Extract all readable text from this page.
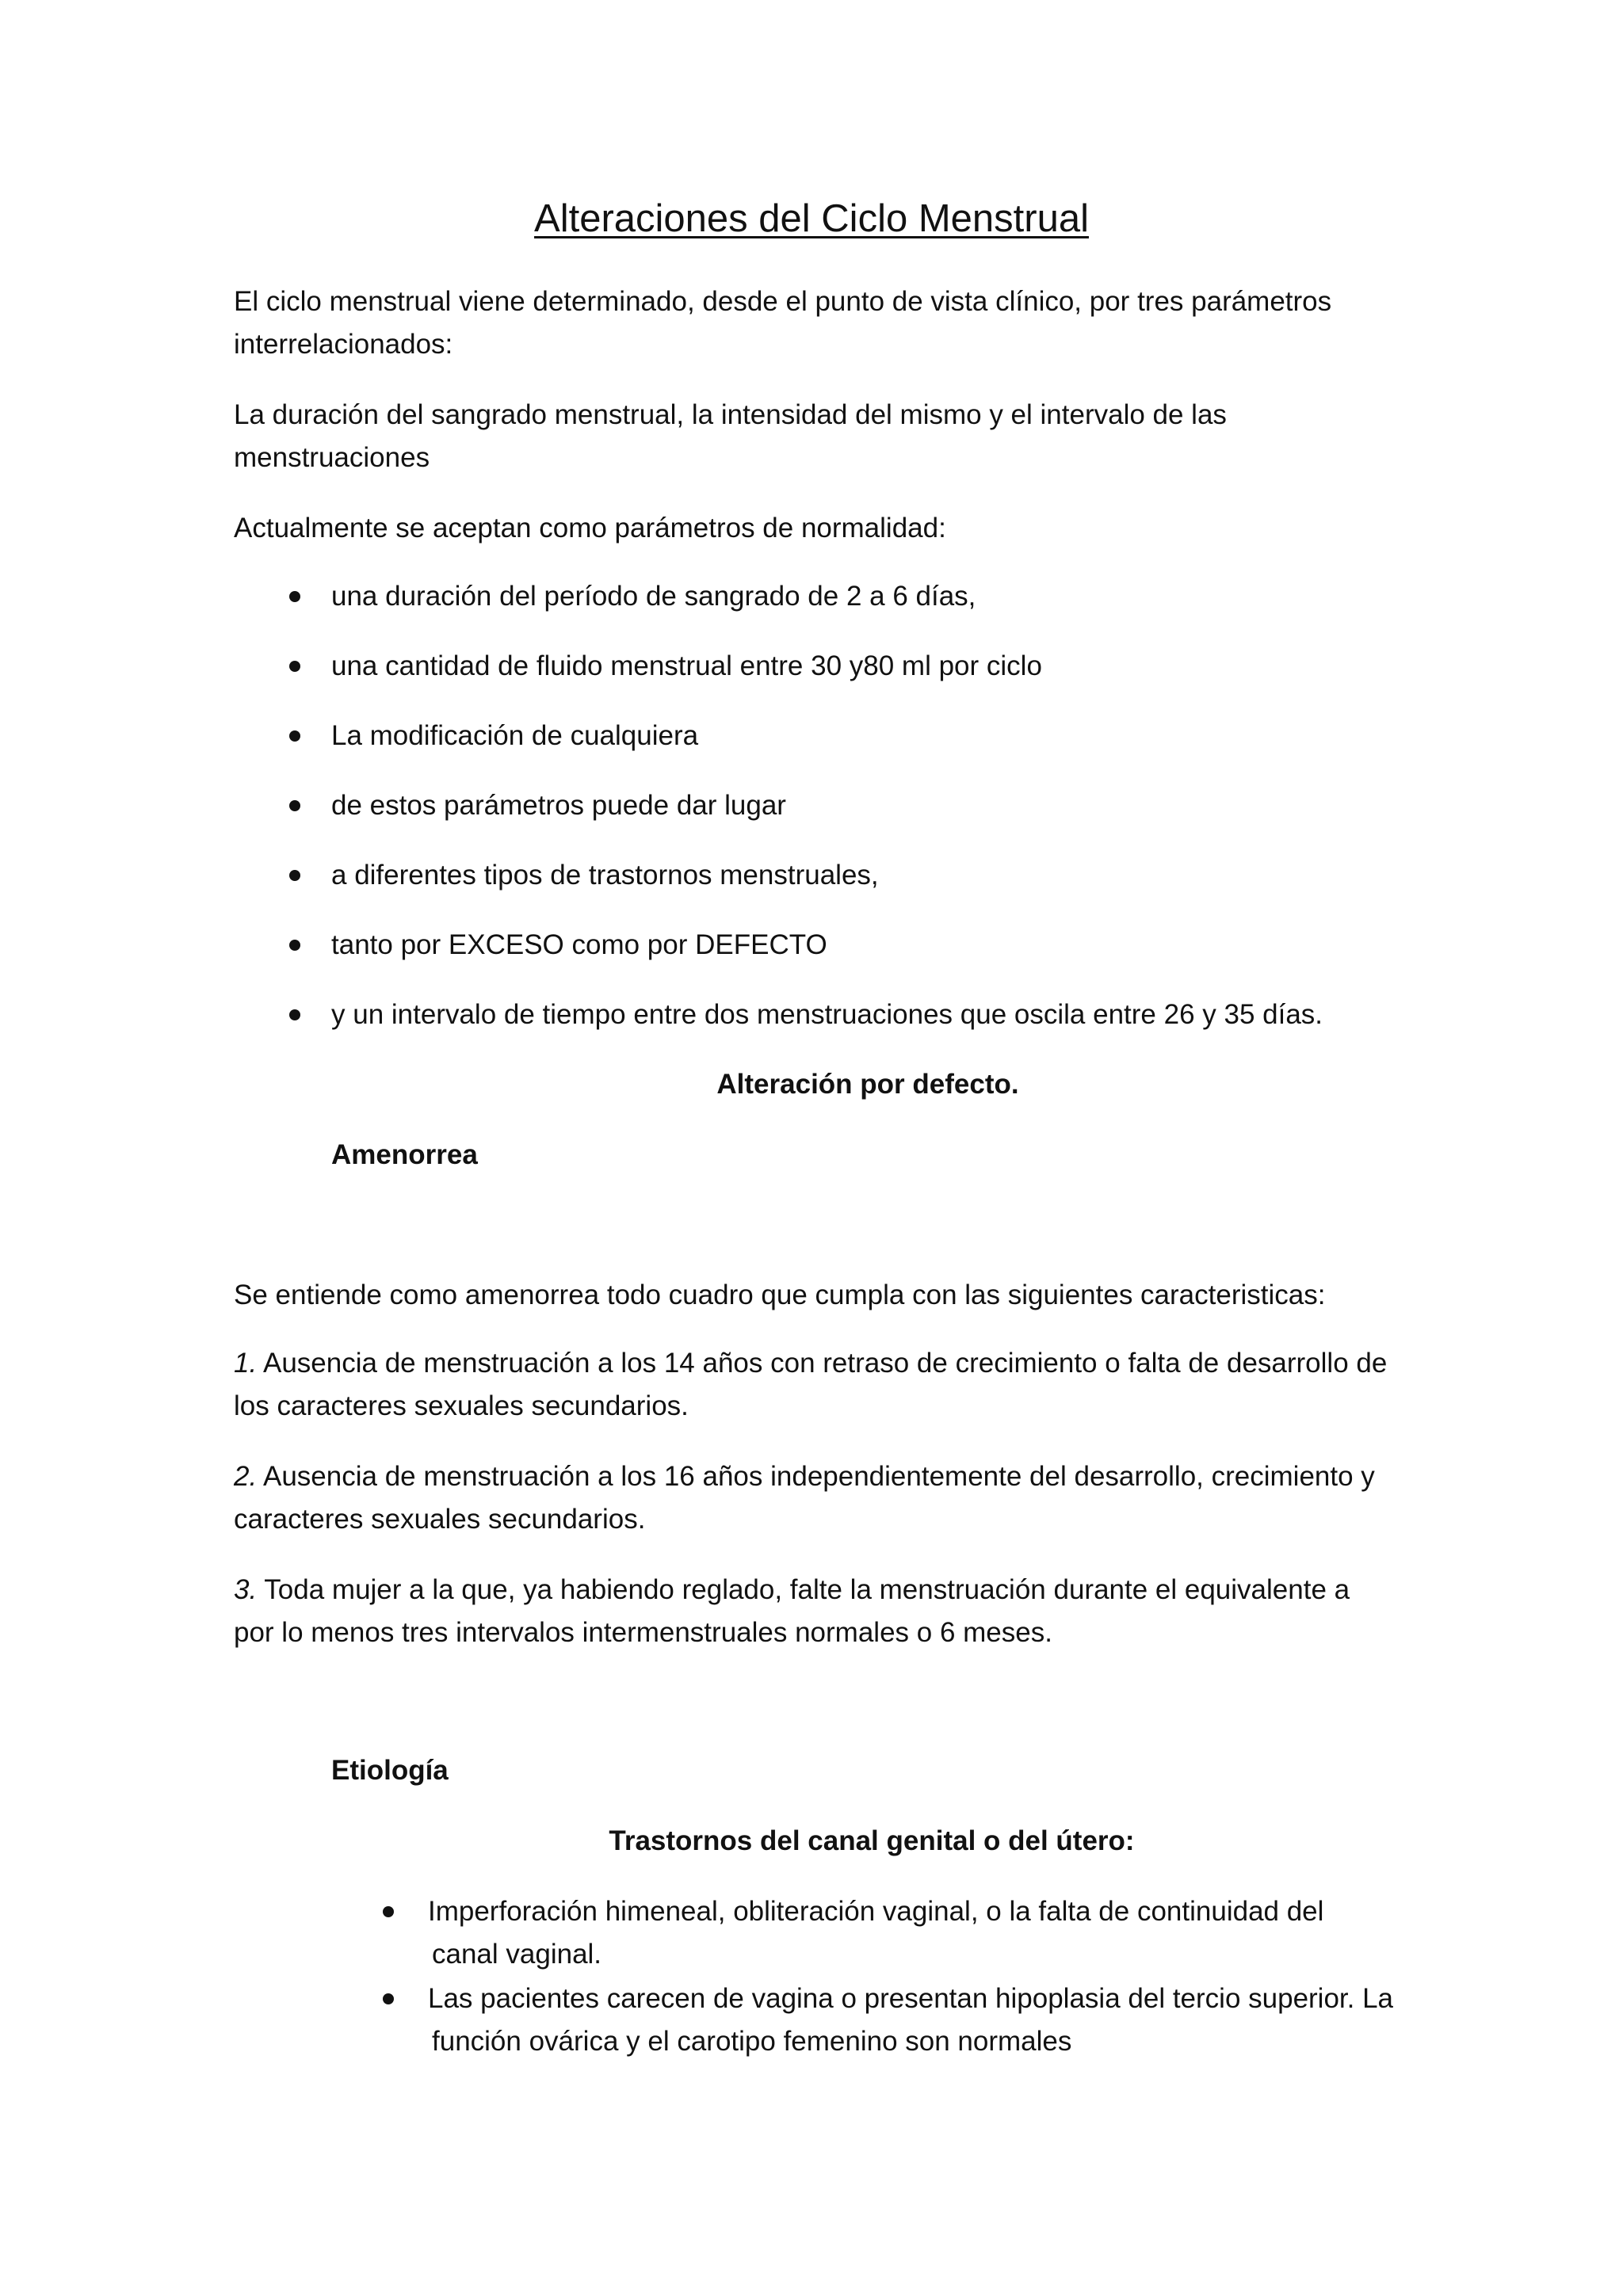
Alteraciones del Ciclo Menstrual
El ciclo menstrual viene determinado, desde el punto de vista clínico, por tres parámetros
interrelacionados:
La duración del sangrado menstrual, la intensidad del mismo y el intervalo de las
menstruaciones
Actualmente se aceptan como parámetros de normalidad:
una duración del período de sangrado de 2 a 6 días,
una cantidad de fluido menstrual entre 30 y80 ml por ciclo
La modificación de cualquiera
de estos parámetros puede dar lugar
a diferentes tipos de trastornos menstruales,
tanto por EXCESO como por DEFECTO
y un intervalo de tiempo entre dos menstruaciones que oscila entre 26 y 35 días.
Alteración por defecto.
Amenorrea
Se entiende como amenorrea todo cuadro que cumpla con las siguientes caracteristicas:
1. Ausencia de menstruación a los 14 años con retraso de crecimiento o falta de desarrollo de
los caracteres sexuales secundarios.
2. Ausencia de menstruación a los 16 años independientemente del desarrollo, crecimiento y
caracteres sexuales secundarios.
3. Toda mujer a la que, ya habiendo reglado, falte la menstruación durante el equivalente a
por lo menos tres intervalos intermenstruales normales o 6 meses.
Etiología
Trastornos del canal genital o del útero:
Imperforación himeneal, obliteración vaginal, o la falta de continuidad del
canal vaginal.
Las pacientes carecen de vagina o presentan hipoplasia del tercio superior. La
función ovárica y el carotipo femenino son normales
